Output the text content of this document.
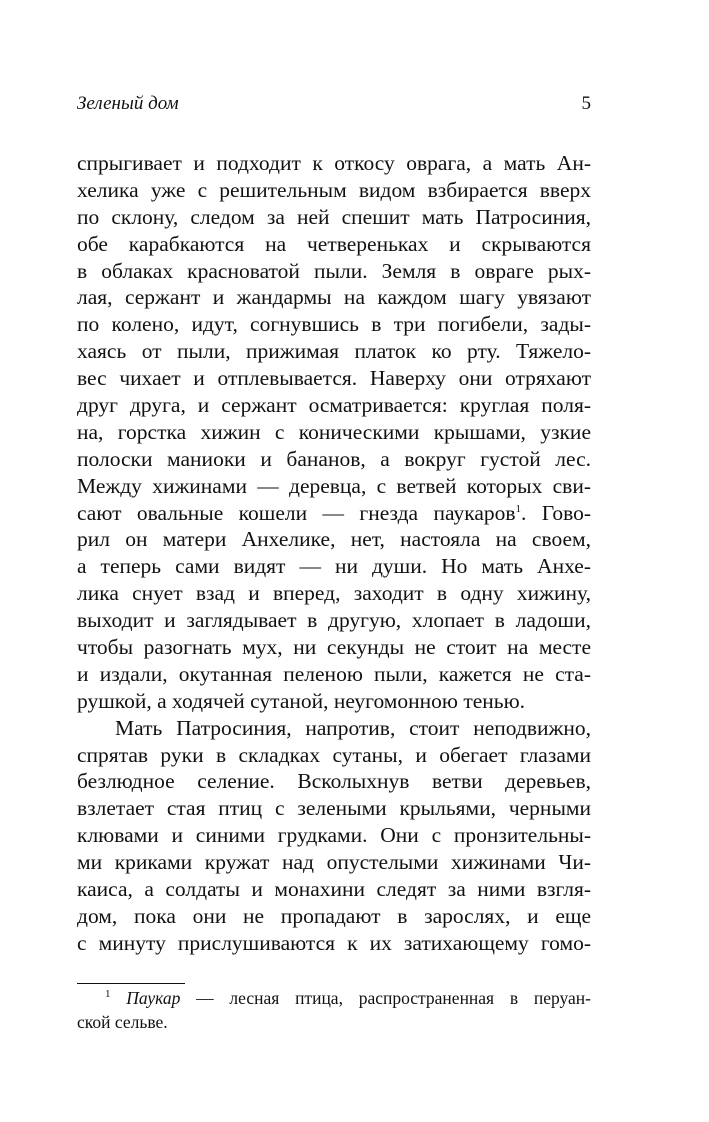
Зеленый дом	5
спрыгивает и подходит к откосу оврага, а мать Ан-
хелика уже с решительным видом взбирается вверх
по склону, следом за ней спешит мать Патросиния,
обе карабкаются на четвереньках и скрываются
в облаках красноватой пыли. Земля в овраге рых-
лая, сержант и жандармы на каждом шагу увязают
по колено, идут, согнувшись в три погибели, зады-
хаясь от пыли, прижимая платок ко рту. Тяжело-
вес чихает и отплевывается. Наверху они отряхают
друг друга, и сержант осматривается: круглая поля-
на, горстка хижин с коническими крышами, узкие
полоски маниоки и бананов, а вокруг густой лес.
Между хижинами — деревца, с ветвей которых сви-
сают овальные кошели — гнезда паукаров$^1$. Гово-
рил он матери Анхелике, нет, настояла на своем,
а теперь сами видят — ни души. Но мать Анхе-
лика снует взад и вперед, заходит в одну хижину,
выходит и заглядывает в другую, хлопает в ладоши,
чтобы разогнать мух, ни секунды не стоит на месте
и издали, окутанная пеленою пыли, кажется не ста-
рушкой, а ходячей сутаной, неугомонною тенью.
Мать Патросиния, напротив, стоит неподвижно,
спрятав руки в складках сутаны, и обегает глазами
безлюдное селение. Всколыхнув ветви деревьев,
взлетает стая птиц с зелеными крыльями, черными
клювами и синими грудками. Они с пронзительны-
ми криками кружат над опустелыми хижинами Чи-
каиса, а солдаты и монахини следят за ними взгля-
дом, пока они не пропадают в зарослях, и еще
с минуту прислушиваются к их затихающему гомо-
$^1$ Паукар — лесная птица, распространенная в перуан-
ской сельве.
